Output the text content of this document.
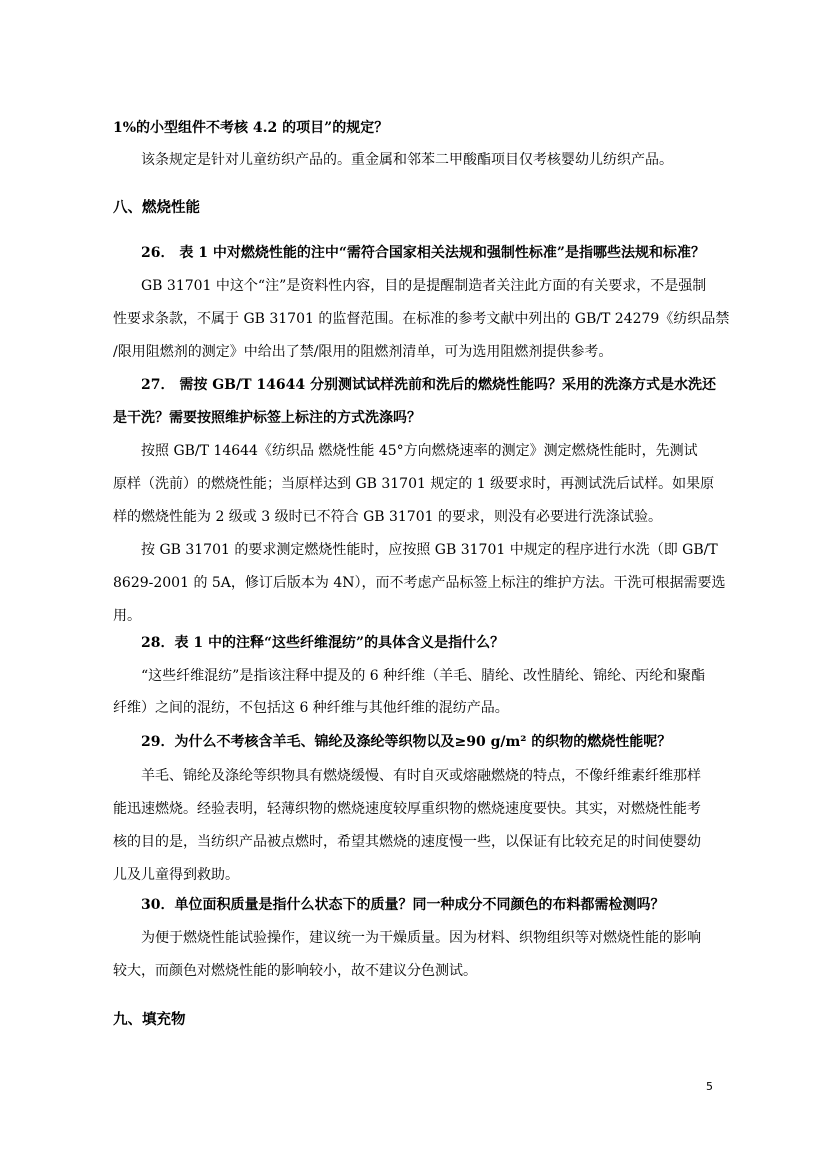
1%的小型组件不考核 4.2 的项目”的规定？
该条规定是针对儿童纺织产品的。重金属和邻苯二甲酸酯项目仅考核婴幼儿纺织产品。
八、燃烧性能
26． 表 1 中对燃烧性能的注中“需符合国家相关法规和强制性标准”是指哪些法规和标准？
GB 31701 中这个“注”是资料性内容，目的是提醒制造者关注此方面的有关要求，不是强制
性要求条款，不属于 GB 31701 的监督范围。在标准的参考文献中列出的 GB/T 24279《纺织品禁
/限用阻燃剂的测定》中给出了禁/限用的阻燃剂清单，可为选用阻燃剂提供参考。
27． 需按 GB/T 14644 分别测试试样洗前和洗后的燃烧性能吗？采用的洗涤方式是水洗还
是干洗？需要按照维护标签上标注的方式洗涤吗？
按照 GB/T 14644《纺织品 燃烧性能 45°方向燃烧速率的测定》测定燃烧性能时，先测试
原样（洗前）的燃烧性能；当原样达到 GB 31701 规定的 1 级要求时，再测试洗后试样。如果原
样的燃烧性能为 2 级或 3 级时已不符合 GB 31701 的要求，则没有必要进行洗涤试验。
按 GB 31701 的要求测定燃烧性能时，应按照 GB 31701 中规定的程序进行水洗（即 GB/T
8629-2001 的 5A，修订后版本为 4N），而不考虑产品标签上标注的维护方法。干洗可根据需要选
用。
28．表 1 中的注释“这些纤维混纺”的具体含义是指什么？
“这些纤维混纺”是指该注释中提及的 6 种纤维（羊毛、腈纶、改性腈纶、锦纶、丙纶和聚酯
纤维）之间的混纺，不包括这 6 种纤维与其他纤维的混纺产品。
29．为什么不考核含羊毛、锦纶及涤纶等织物以及≥90 g/m² 的织物的燃烧性能呢？
羊毛、锦纶及涤纶等织物具有燃烧缓慢、有时自灭或熔融燃烧的特点，不像纤维素纤维那样
能迅速燃烧。经验表明，轻薄织物的燃烧速度较厚重织物的燃烧速度要快。其实，对燃烧性能考
核的目的是，当纺织产品被点燃时，希望其燃烧的速度慢一些，以保证有比较充足的时间使婴幼
儿及儿童得到救助。
30．单位面积质量是指什么状态下的质量？同一种成分不同颜色的布料都需检测吗？
为便于燃烧性能试验操作，建议统一为干燥质量。因为材料、织物组织等对燃烧性能的影响
较大，而颜色对燃烧性能的影响较小，故不建议分色测试。
九、填充物
5
